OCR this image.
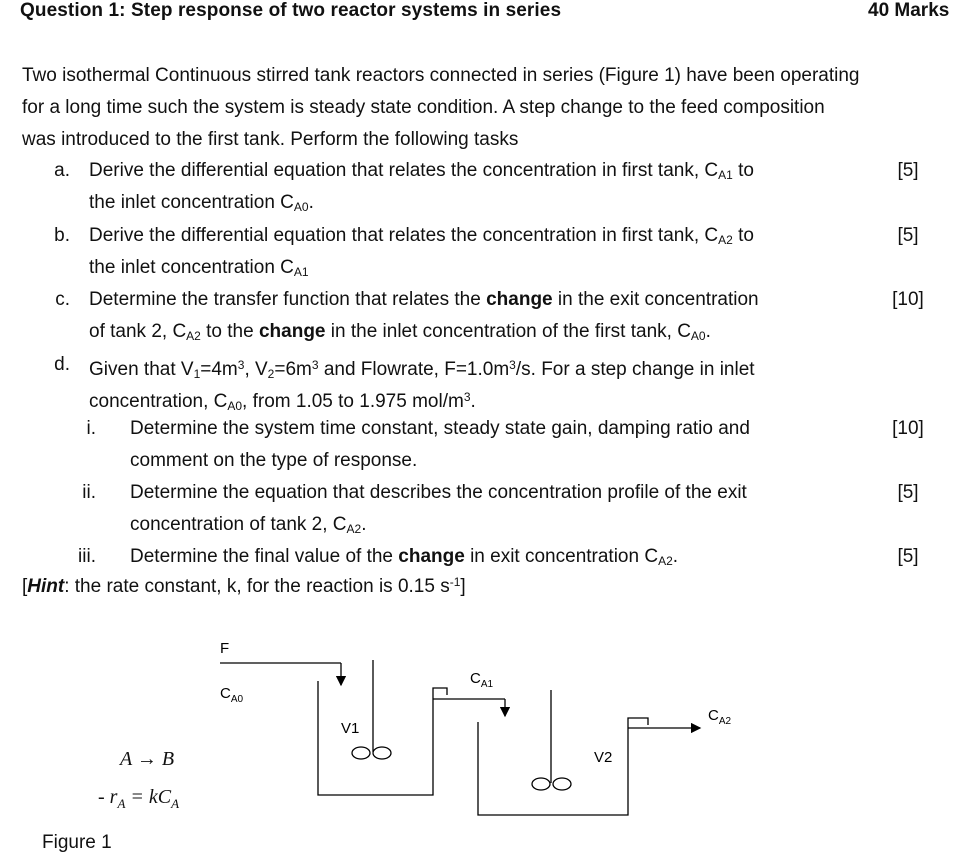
Question 1: Step response of two reactor systems in series	40 Marks
Two isothermal Continuous stirred tank reactors connected in series (Figure 1) have been operating for a long time such the system is steady state condition. A step change to the feed composition was introduced to the first tank. Perform the following tasks
a. Derive the differential equation that relates the concentration in first tank, $C_{A1}$ to
the inlet concentration $C_{A0}$.
[5]
b. Derive the differential equation that relates the concentration in first tank, $C_{A2}$ to
the inlet concentration $C_{A1}$
[5]
c. Determine the transfer function that relates the change in the exit concentration
of tank 2, $C_{A2}$ to the change in the inlet concentration of the first tank, $C_{A0}$.
[10]
d. Given that $V_1=4m^3$, $V_2=6m^3$ and Flowrate, $F=1.0m^3/s$. For a step change in inlet
concentration, $C_{A0}$, from 1.05 to 1.975 mol/$m^3$.
i. Determine the system time constant, steady state gain, damping ratio and
comment on the type of response.
[10]
ii. Determine the equation that describes the concentration profile of the exit
concentration of tank 2, $C_{A2}$.
[5]
iii. Determine the final value of the change in exit concentration $C_{A2}$.	[5]
[Hint: the rate constant, k, for the reaction is 0.15 $s^{-1}$]
F
$C_{A0}$
V1
$C_{A1}$
V2
$C_{A2}$
A → B
- $r_A = kC_A$
Figure 1
